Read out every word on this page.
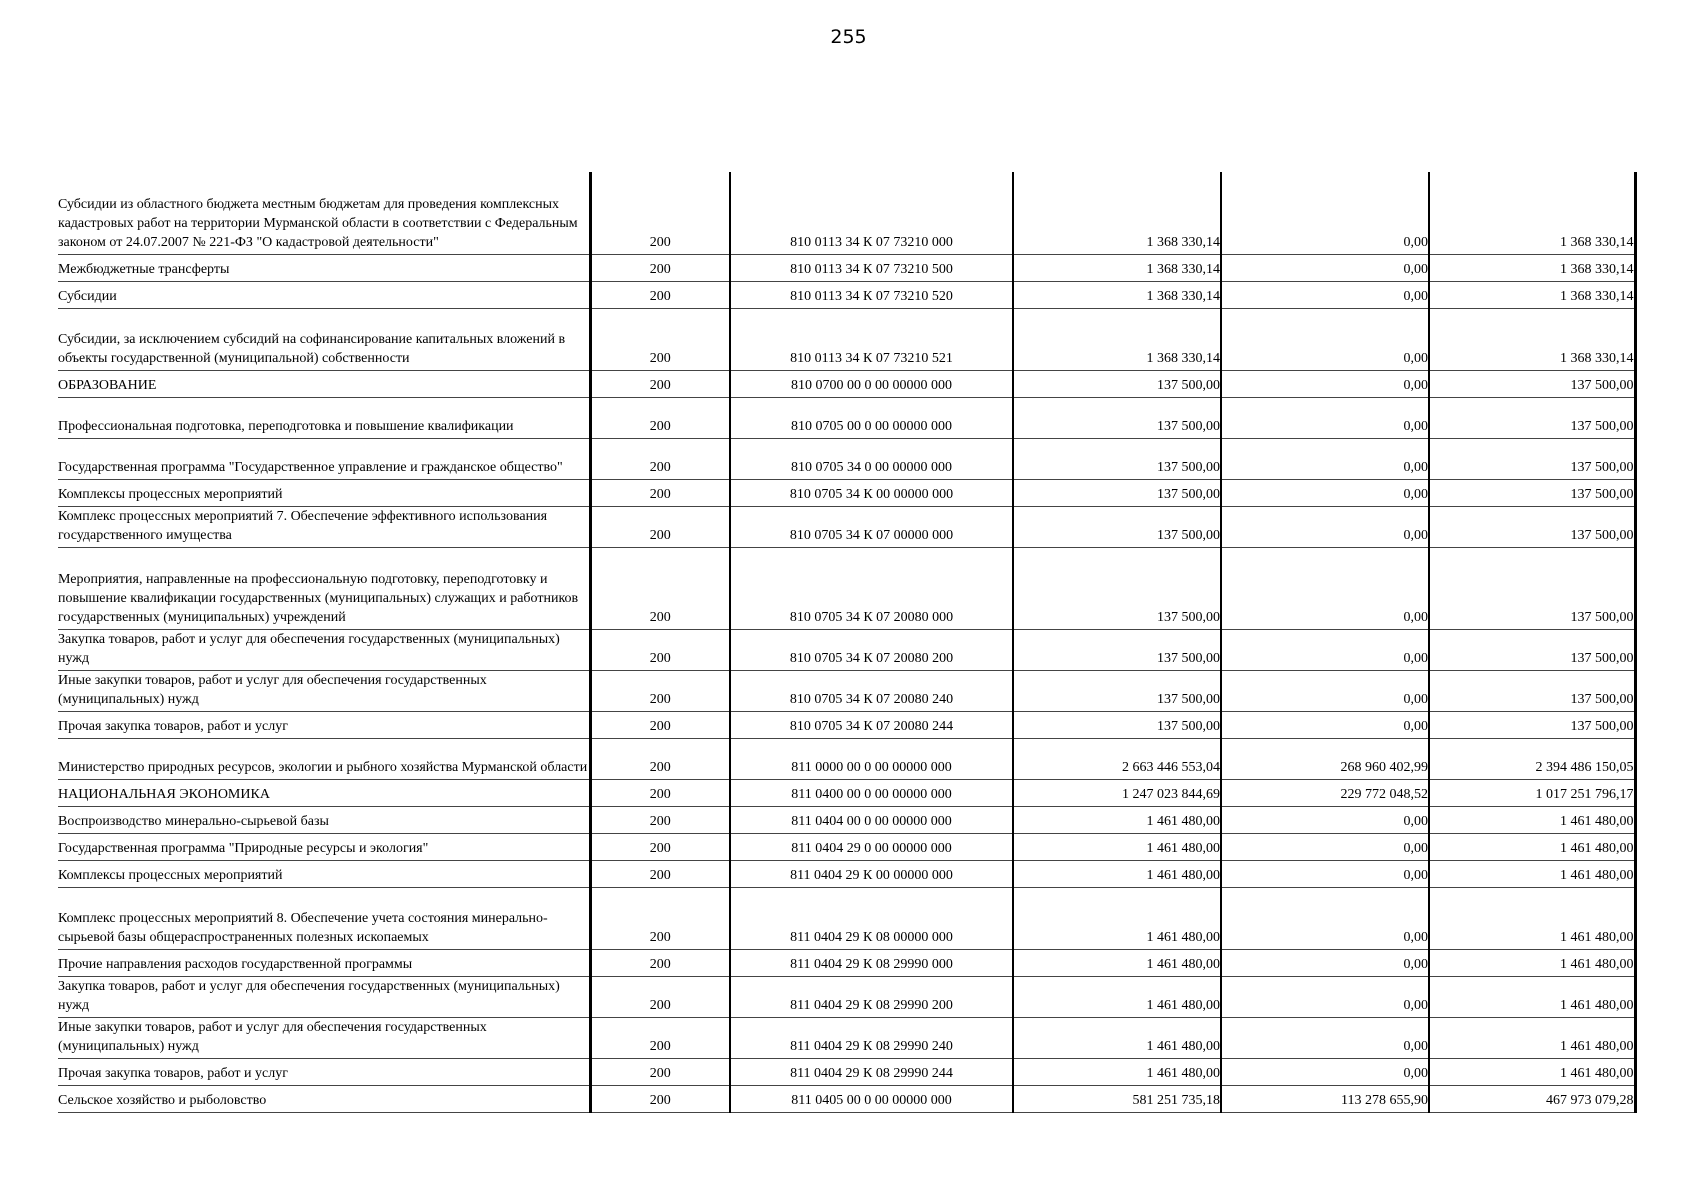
255
Субсидии из областного бюджета местным бюджетам для проведения комплексных кадастровых работ на территории Мурманской области в соответствии с Федеральным законом от 24.07.2007 № 221-ФЗ "О кадастровой деятельности"	200	810 0113 34 К 07 73210 000	1 368 330,14	0,00	1 368 330,14
Межбюджетные трансферты	200	810 0113 34 К 07 73210 500	1 368 330,14	0,00	1 368 330,14
Субсидии	200	810 0113 34 К 07 73210 520	1 368 330,14	0,00	1 368 330,14
Субсидии, за исключением субсидий на софинансирование капитальных вложений в объекты государственной (муниципальной) собственности	200	810 0113 34 К 07 73210 521	1 368 330,14	0,00	1 368 330,14
ОБРАЗОВАНИЕ	200	810 0700 00 0 00 00000 000	137 500,00	0,00	137 500,00
Профессиональная подготовка, переподготовка и повышение квалификации	200	810 0705 00 0 00 00000 000	137 500,00	0,00	137 500,00
Государственная программа "Государственное управление и гражданское общество"	200	810 0705 34 0 00 00000 000	137 500,00	0,00	137 500,00
Комплексы процессных мероприятий	200	810 0705 34 К 00 00000 000	137 500,00	0,00	137 500,00
Комплекс процессных мероприятий 7. Обеспечение эффективного использования государственного имущества	200	810 0705 34 К 07 00000 000	137 500,00	0,00	137 500,00
Мероприятия, направленные на профессиональную подготовку, переподготовку и повышение квалификации государственных (муниципальных) служащих и работников государственных (муниципальных) учреждений	200	810 0705 34 К 07 20080 000	137 500,00	0,00	137 500,00
Закупка товаров, работ и услуг для обеспечения государственных (муниципальных) нужд	200	810 0705 34 К 07 20080 200	137 500,00	0,00	137 500,00
Иные закупки товаров, работ и услуг для обеспечения государственных (муниципальных) нужд	200	810 0705 34 К 07 20080 240	137 500,00	0,00	137 500,00
Прочая закупка товаров, работ и услуг	200	810 0705 34 К 07 20080 244	137 500,00	0,00	137 500,00
Министерство природных ресурсов, экологии и рыбного хозяйства Мурманской области	200	811 0000 00 0 00 00000 000	2 663 446 553,04	268 960 402,99	2 394 486 150,05
НАЦИОНАЛЬНАЯ ЭКОНОМИКА	200	811 0400 00 0 00 00000 000	1 247 023 844,69	229 772 048,52	1 017 251 796,17
Воспроизводство минерально-сырьевой базы	200	811 0404 00 0 00 00000 000	1 461 480,00	0,00	1 461 480,00
Государственная программа "Природные ресурсы и экология"	200	811 0404 29 0 00 00000 000	1 461 480,00	0,00	1 461 480,00
Комплексы процессных мероприятий	200	811 0404 29 К 00 00000 000	1 461 480,00	0,00	1 461 480,00
Комплекс процессных мероприятий 8. Обеспечение учета состояния минерально-сырьевой базы общераспространенных полезных ископаемых	200	811 0404 29 К 08 00000 000	1 461 480,00	0,00	1 461 480,00
Прочие направления расходов государственной программы	200	811 0404 29 К 08 29990 000	1 461 480,00	0,00	1 461 480,00
Закупка товаров, работ и услуг для обеспечения государственных (муниципальных) нужд	200	811 0404 29 К 08 29990 200	1 461 480,00	0,00	1 461 480,00
Иные закупки товаров, работ и услуг для обеспечения государственных (муниципальных) нужд	200	811 0404 29 К 08 29990 240	1 461 480,00	0,00	1 461 480,00
Прочая закупка товаров, работ и услуг	200	811 0404 29 К 08 29990 244	1 461 480,00	0,00	1 461 480,00
Сельское хозяйство и рыболовство	200	811 0405 00 0 00 00000 000	581 251 735,18	113 278 655,90	467 973 079,28
